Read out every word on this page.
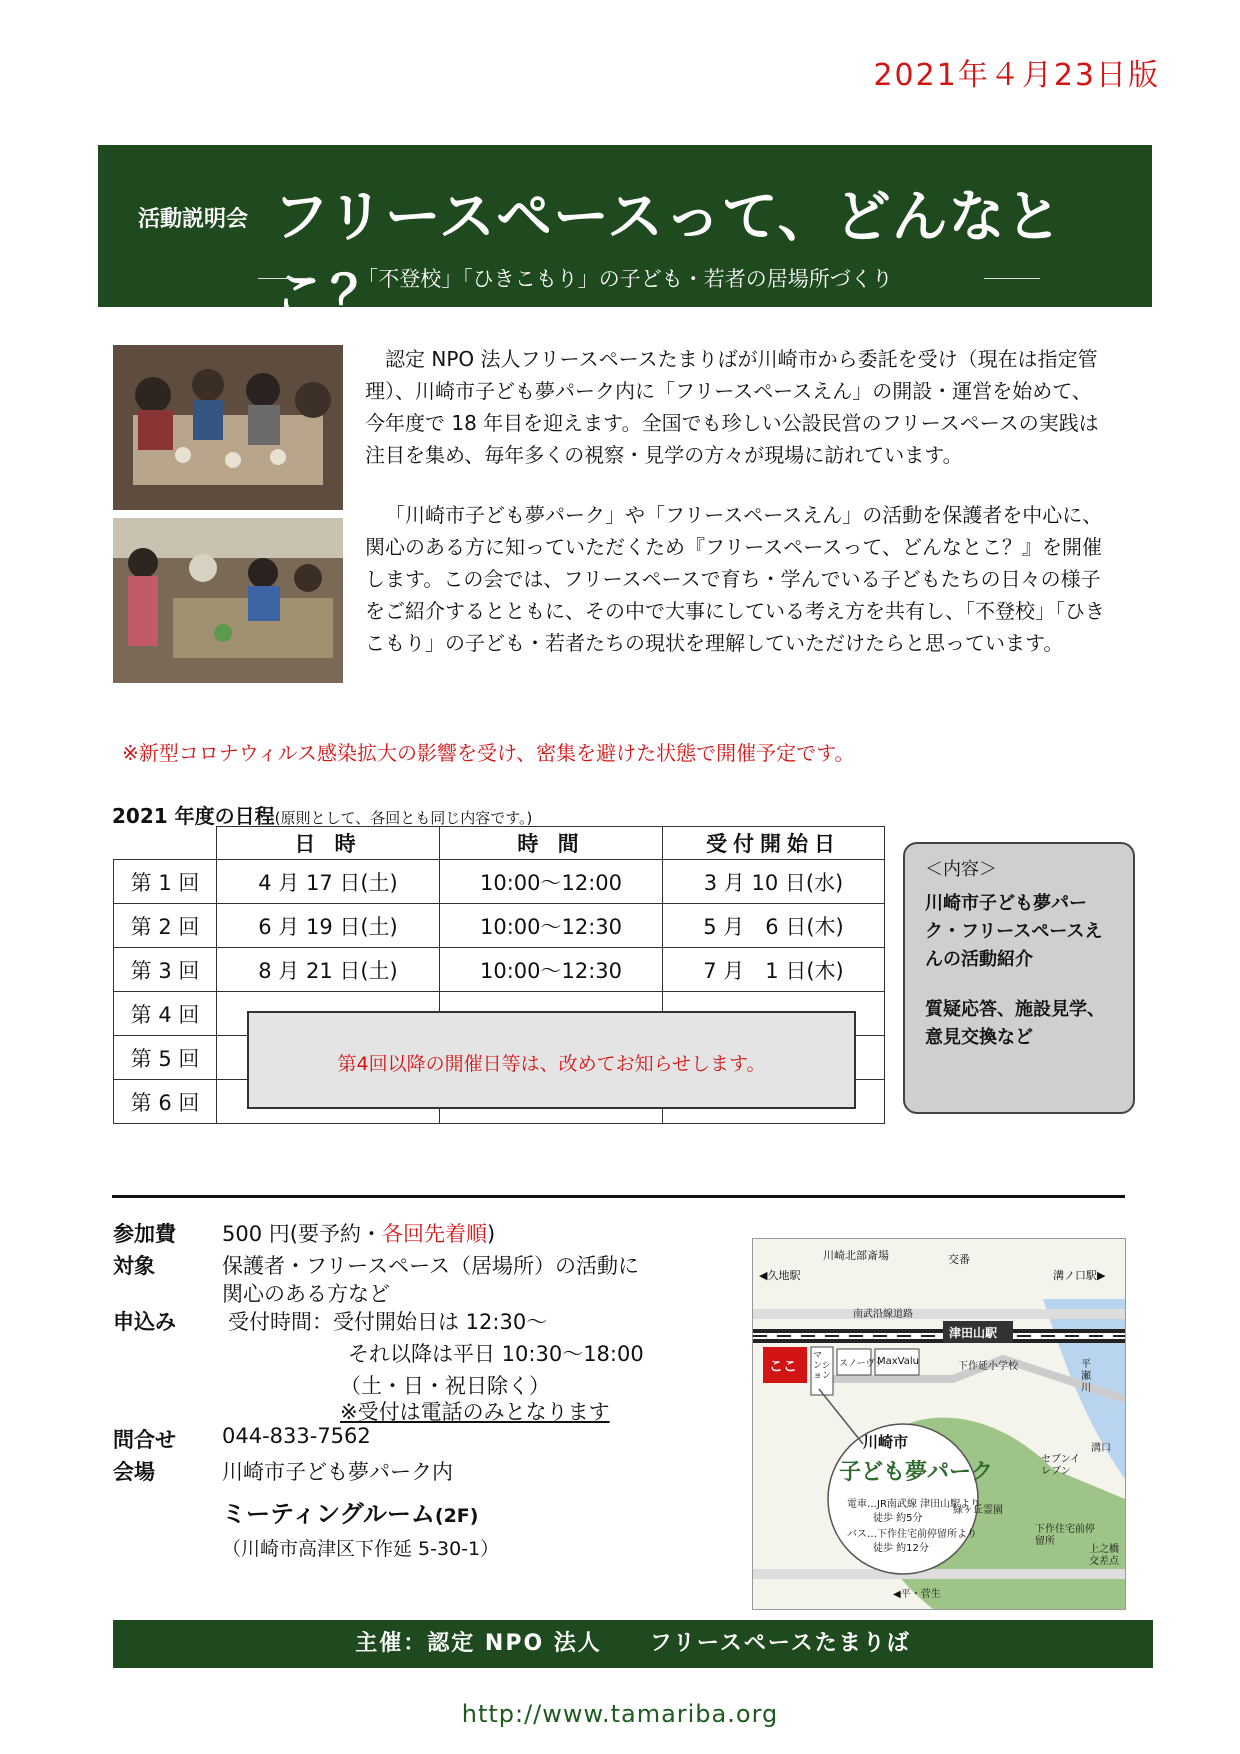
2021年４月23日版
活動説明会 フリースペースって、どんなとこ？
「不登校」「ひきこもり」の子ども・若者の居場所づくり

認定 NPO 法人フリースペースたまりばが川崎市から委託を受け（現在は指定管理）、川崎市子ども夢パーク内に「フリースペースえん」の開設・運営を始めて、今年度で 18 年目を迎えます。全国でも珍しい公設民営のフリースペースの実践は注目を集め、毎年多くの視察・見学の方々が現場に訪れています。

「川崎市子ども夢パーク」や「フリースペースえん」の活動を保護者を中心に、関心のある方に知っていただくため『フリースペースって、どんなとこ？』を開催します。この会では、フリースペースで育ち・学んでいる子どもたちの日々の様子をご紹介するとともに、その中で大事にしている考え方を共有し、「不登校」「ひきこもり」の子ども・若者たちの現状を理解していただけたらと思っています。

※新型コロナウィルス感染拡大の影響を受け、密集を避けた状態で開催予定です。
2021 年度の日程(原則として、各回とも同じ内容です。)
	日 時	時 間	受付開始日
第 1 回	4 月 17 日(土)	10:00～12:00	3 月 10 日(水)
第 2 回	6 月 19 日(土)	10:00～12:30	5 月　6 日(木)
第 3 回	8 月 21 日(土)	10:00～12:30	7 月　1 日(木)
第 4 回			
第 5 回			
第 6 回			
第4回以降の開催日等は、改めてお知らせします。
＜内容＞
川崎市子ども夢パーク・フリースペースえんの活動紹介
質疑応答、施設見学、意見交換など
参加費 500 円(要予約・各回先着順)
対象	保護者・フリースペース（居場所）の活動に
関心のある方など
申込み 受付時間：受付開始日は 12:30～
それ以降は平日 10:30～18:00
（土・日・祝日除く）
※受付は電話のみとなります
問合せ 044-833-7562
会場	川崎市子ども夢パーク内
ミーティングルーム(2F)
（川崎市高津区下作延 5-30-1）
川崎北部斎場	交番
◀久地駅	溝ノ口駅▶
南武沿線道路
津田山駅
ここ
マンション
スノーヴァ
MaxValu	下作延小学校	平瀬川
溝口
セブンイレブン
緑ヶ丘霊園
下作住宅前停留所
上之橋交差点
川崎市
子ども夢パーク
電車…JR南武線 津田山駅より
徒歩 約5分
バス…下作住宅前停留所より
徒歩 約12分
◀平・菅生
主催：認定 NPO 法人　　フリースペースたまりば
http://www.tamariba.org
